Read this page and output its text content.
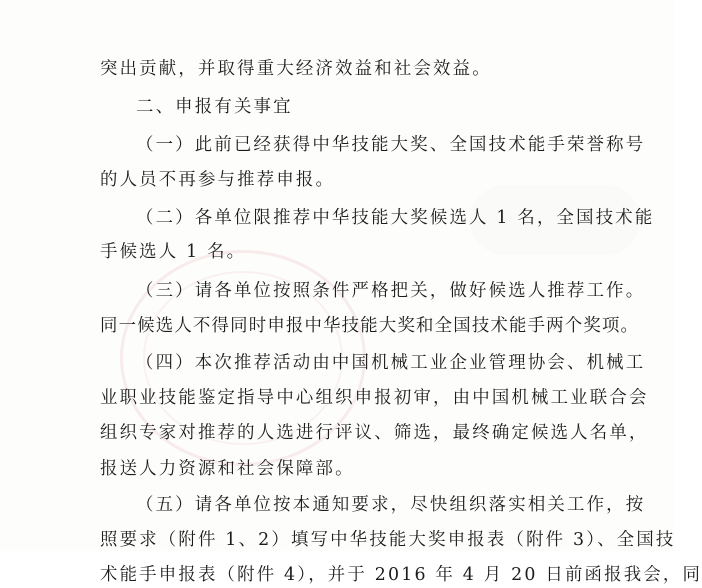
突出贡献，并取得重大经济效益和社会效益。

二、申报有关事宜

（一）此前已经获得中华技能大奖、全国技术能手荣誉称号

的人员不再参与推荐申报。

（二）各单位限推荐中华技能大奖候选人 1 名，全国技术能

手候选人 1 名。

（三）请各单位按照条件严格把关，做好候选人推荐工作。

同一候选人不得同时申报中华技能大奖和全国技术能手两个奖项。

（四）本次推荐活动由中国机械工业企业管理协会、机械工

业职业技能鉴定指导中心组织申报初审，由中国机械工业联合会

组织专家对推荐的人选进行评议、筛选，最终确定候选人名单，

报送人力资源和社会保障部。

（五）请各单位按本通知要求，尽快组织落实相关工作，按

照要求（附件 1、2）填写中华技能大奖申报表（附件 3）、全国技

术能手申报表（附件 4），并于 2016 年 4 月 20 日前函报我会，同
